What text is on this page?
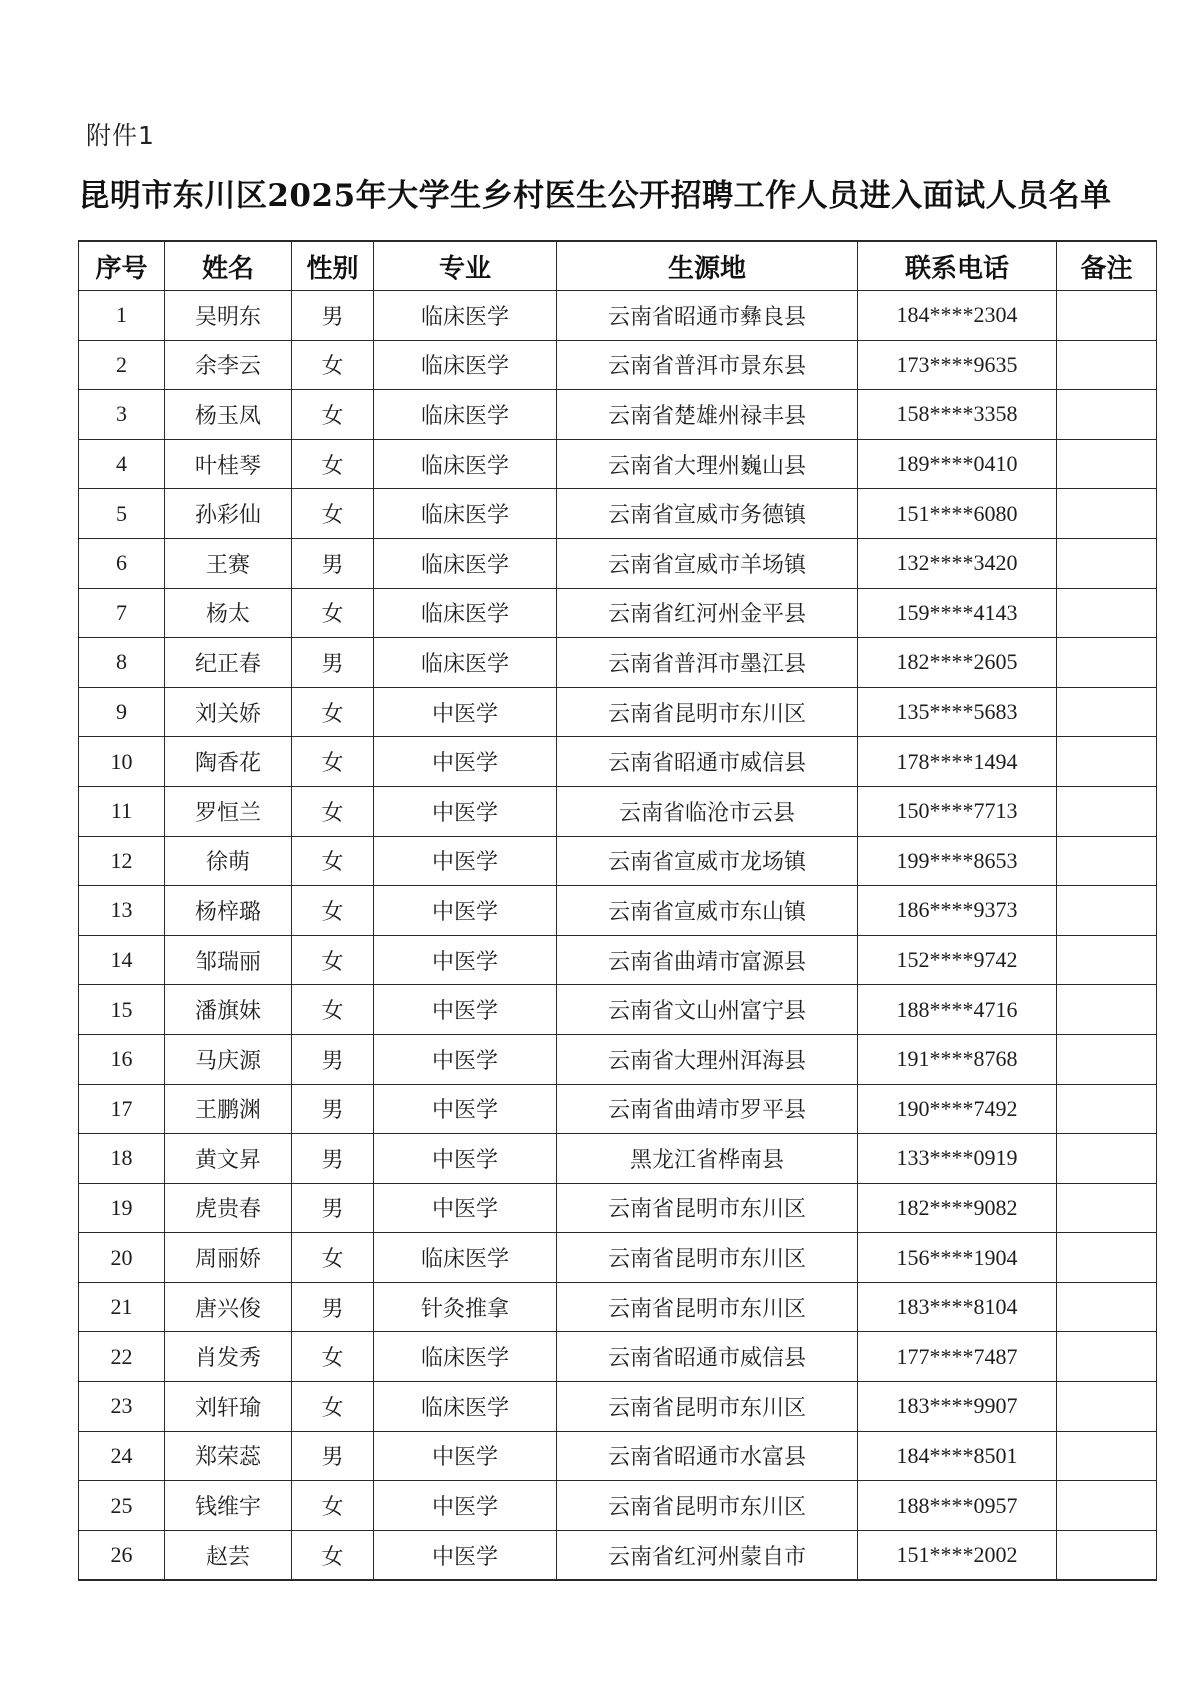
附件1
昆明市东川区2025年大学生乡村医生公开招聘工作人员进入面试人员名单
序号	姓名	性别	专业	生源地	联系电话	备注
1	吴明东	男	临床医学	云南省昭通市彝良县	184****2304	
2	余李云	女	临床医学	云南省普洱市景东县	173****9635	
3	杨玉凤	女	临床医学	云南省楚雄州禄丰县	158****3358	
4	叶桂琴	女	临床医学	云南省大理州巍山县	189****0410	
5	孙彩仙	女	临床医学	云南省宣威市务德镇	151****6080	
6	王赛	男	临床医学	云南省宣威市羊场镇	132****3420	
7	杨太	女	临床医学	云南省红河州金平县	159****4143	
8	纪正春	男	临床医学	云南省普洱市墨江县	182****2605	
9	刘关娇	女	中医学	云南省昆明市东川区	135****5683	
10	陶香花	女	中医学	云南省昭通市威信县	178****1494	
11	罗恒兰	女	中医学	云南省临沧市云县	150****7713	
12	徐萌	女	中医学	云南省宣威市龙场镇	199****8653	
13	杨梓璐	女	中医学	云南省宣威市东山镇	186****9373	
14	邹瑞丽	女	中医学	云南省曲靖市富源县	152****9742	
15	潘旗妹	女	中医学	云南省文山州富宁县	188****4716	
16	马庆源	男	中医学	云南省大理州洱海县	191****8768	
17	王鹏渊	男	中医学	云南省曲靖市罗平县	190****7492	
18	黄文昇	男	中医学	黑龙江省桦南县	133****0919	
19	虎贵春	男	中医学	云南省昆明市东川区	182****9082	
20	周丽娇	女	临床医学	云南省昆明市东川区	156****1904	
21	唐兴俊	男	针灸推拿	云南省昆明市东川区	183****8104	
22	肖发秀	女	临床医学	云南省昭通市威信县	177****7487	
23	刘轩瑜	女	临床医学	云南省昆明市东川区	183****9907	
24	郑荣蕊	男	中医学	云南省昭通市水富县	184****8501	
25	钱维宇	女	中医学	云南省昆明市东川区	188****0957	
26	赵芸	女	中医学	云南省红河州蒙自市	151****2002	
